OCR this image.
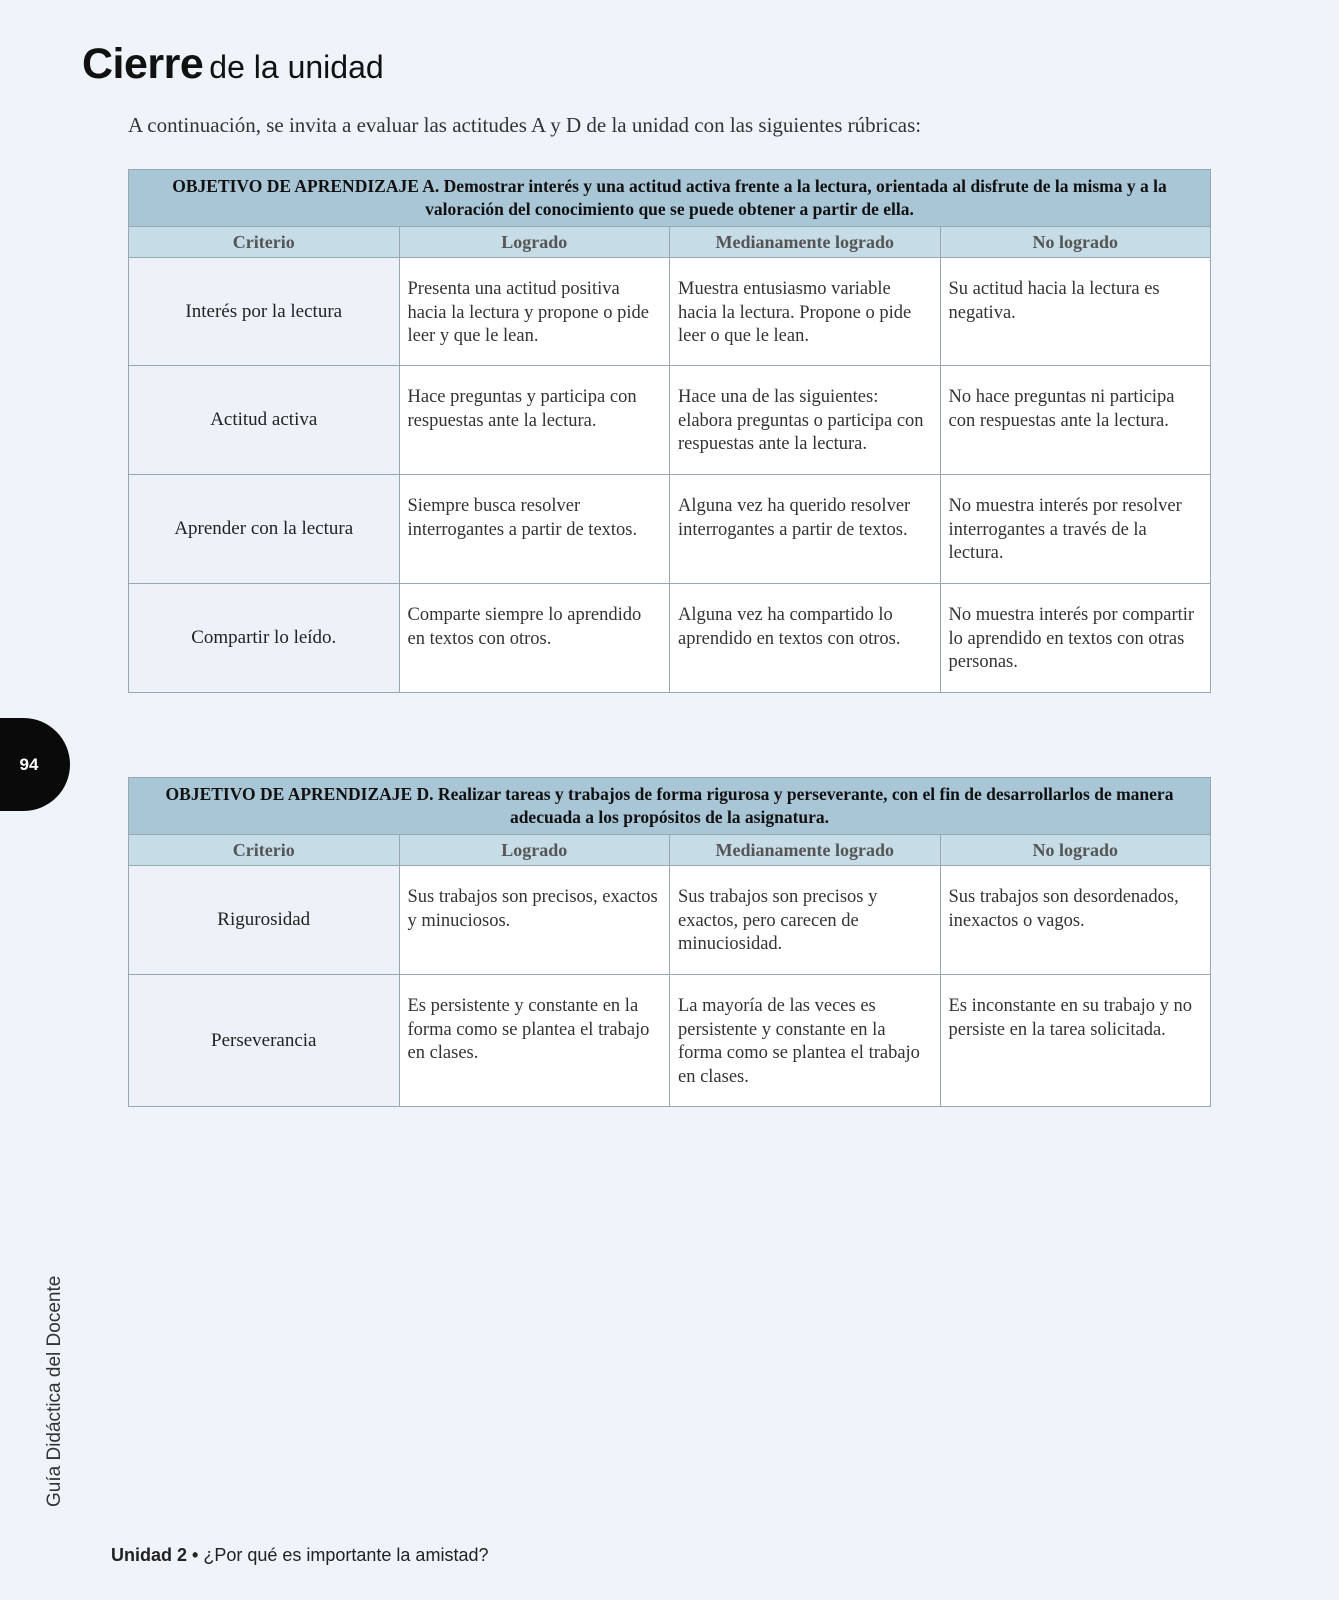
Cierre de la unidad
A continuación, se invita a evaluar las actitudes A y D de la unidad con las siguientes rúbricas:
OBJETIVO DE APRENDIZAJE A. Demostrar interés y una actitud activa frente a la lectura, orientada al disfrute de la misma y a la valoración del conocimiento que se puede obtener a partir de ella.			
Criterio	Logrado	Medianamente logrado	No logrado
Interés por la lectura	Presenta una actitud positiva hacia la lectura y propone o pide leer y que le lean.	Muestra entusiasmo variable hacia la lectura. Propone o pide leer o que le lean.	Su actitud hacia la lectura es negativa.
Actitud activa	Hace preguntas y participa con respuestas ante la lectura.	Hace una de las siguientes: elabora preguntas o participa con respuestas ante la lectura.	No hace preguntas ni participa con respuestas ante la lectura.
Aprender con la lectura	Siempre busca resolver interrogantes a partir de textos.	Alguna vez ha querido resolver interrogantes a partir de textos.	No muestra interés por resolver interrogantes a través de la lectura.
Compartir lo leído.	Comparte siempre lo aprendido en textos con otros.	Alguna vez ha compartido lo aprendido en textos con otros.	No muestra interés por compartir lo aprendido en textos con otras personas.
94
OBJETIVO DE APRENDIZAJE D. Realizar tareas y trabajos de forma rigurosa y perseverante, con el fin de desarrollarlos de manera adecuada a los propósitos de la asignatura.			
Criterio	Logrado	Medianamente logrado	No logrado
Rigurosidad	Sus trabajos son precisos, exactos y minuciosos.	Sus trabajos son precisos y exactos, pero carecen de minuciosidad.	Sus trabajos son desordenados, inexactos o vagos.
Perseverancia	Es persistente y constante en la forma como se plantea el trabajo en clases.	La mayoría de las veces es persistente y constante en la forma como se plantea el trabajo en clases.	Es inconstante en su trabajo y no persiste en la tarea solicitada.
Guía Didáctica del Docente
Unidad 2 • ¿Por qué es importante la amistad?
